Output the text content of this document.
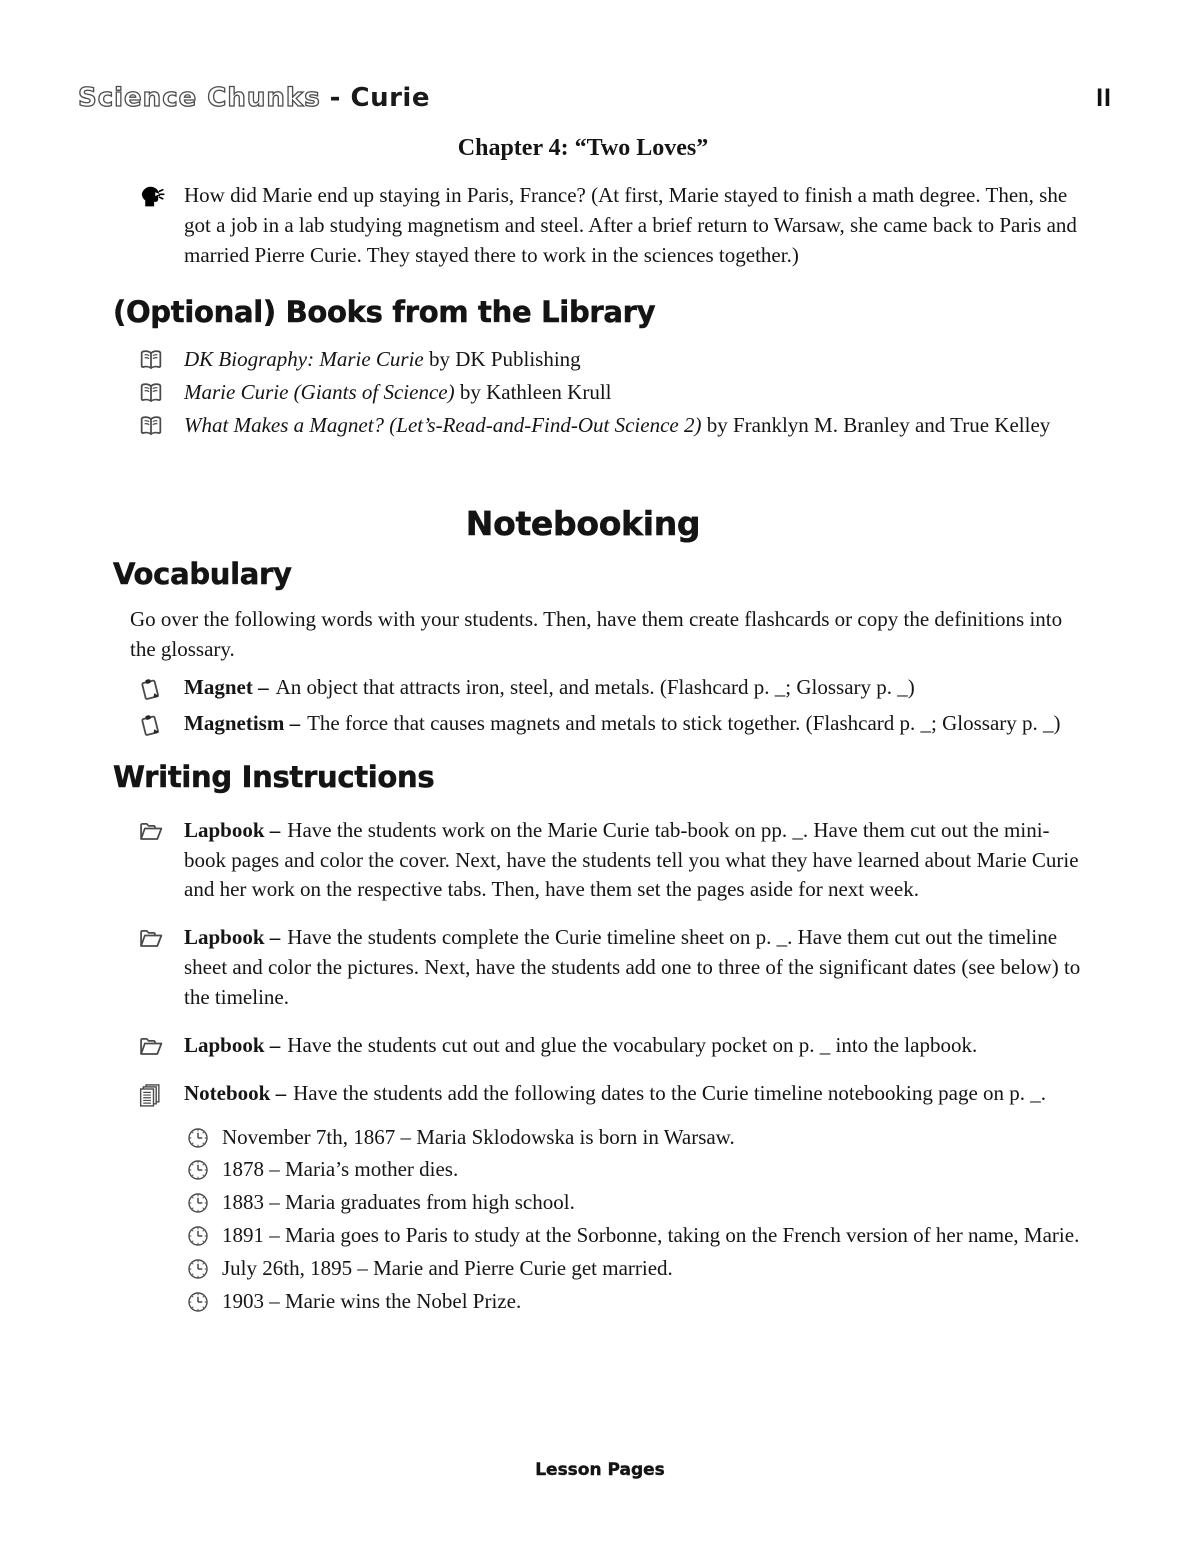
Science Chunks - Curie	II
Chapter 4: “Two Loves”
How did Marie end up staying in Paris, France? (At first, Marie stayed to finish a math degree. Then, she got a job in a lab studying magnetism and steel. After a brief return to Warsaw, she came back to Paris and married Pierre Curie. They stayed there to work in the sciences together.)
(Optional) Books from the Library
DK Biography: Marie Curie by DK Publishing
Marie Curie (Giants of Science) by Kathleen Krull
What Makes a Magnet? (Let’s-Read-and-Find-Out Science 2) by Franklyn M. Branley and True Kelley
Notebooking
Vocabulary
Go over the following words with your students. Then, have them create flashcards or copy the definitions into the glossary.
Magnet – An object that attracts iron, steel, and metals. (Flashcard p. _; Glossary p. _)
Magnetism – The force that causes magnets and metals to stick together. (Flashcard p. _; Glossary p. _)
Writing Instructions
Lapbook – Have the students work on the Marie Curie tab-book on pp. _. Have them cut out the mini-book pages and color the cover. Next, have the students tell you what they have learned about Marie Curie and her work on the respective tabs. Then, have them set the pages aside for next week.
Lapbook – Have the students complete the Curie timeline sheet on p. _. Have them cut out the timeline sheet and color the pictures. Next, have the students add one to three of the significant dates (see below) to the timeline.
Lapbook – Have the students cut out and glue the vocabulary pocket on p. _ into the lapbook.
Notebook – Have the students add the following dates to the Curie timeline notebooking page on p. _.
November 7th, 1867 – Maria Sklodowska is born in Warsaw.
1878 – Maria’s mother dies.
1883 – Maria graduates from high school.
1891 – Maria goes to Paris to study at the Sorbonne, taking on the French version of her name, Marie.
July 26th, 1895 – Marie and Pierre Curie get married.
1903 – Marie wins the Nobel Prize.
Lesson Pages
